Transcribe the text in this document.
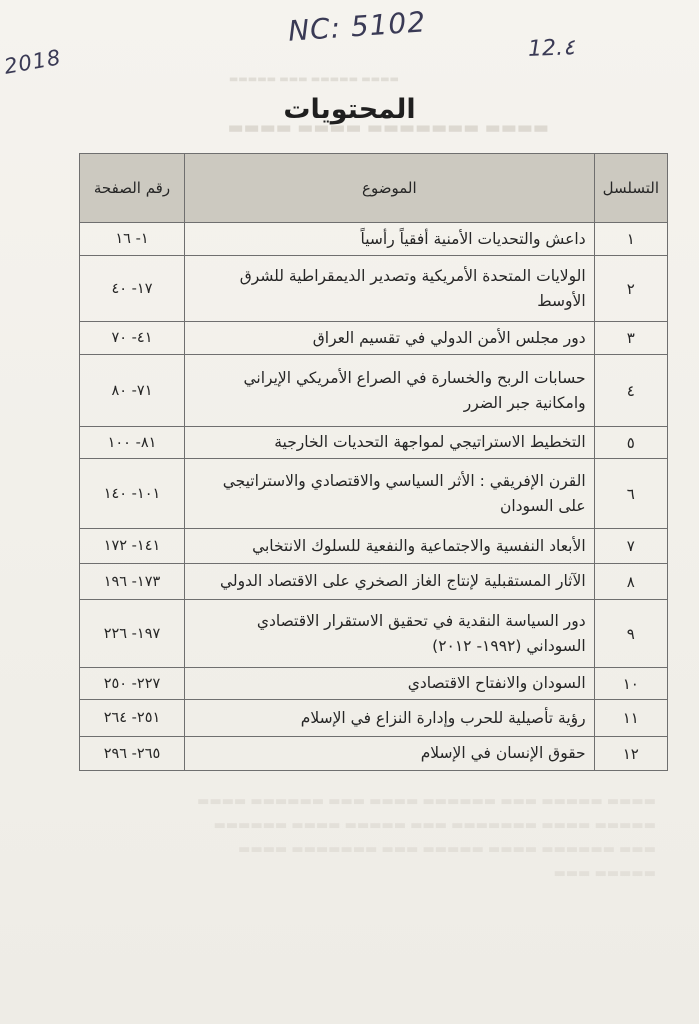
NC: 5102
2018	12.٤
▬▬▬▬ ▬▬▬▬▬ ▬▬▬ ▬▬▬▬▬
▬▬▬▬ ▬▬▬▬▬▬▬ ▬▬▬▬ ▬▬▬▬
▬▬▬▬ ▬▬▬▬▬ ▬▬▬ ▬▬▬▬▬▬ ▬▬▬▬ ▬▬▬ ▬▬▬▬▬▬ ▬▬▬▬
▬▬▬▬▬ ▬▬▬▬ ▬▬▬▬▬▬▬ ▬▬▬ ▬▬▬▬▬ ▬▬▬▬ ▬▬▬▬▬▬
▬▬▬ ▬▬▬▬▬▬ ▬▬▬▬ ▬▬▬▬▬ ▬▬▬ ▬▬▬▬▬▬▬ ▬▬▬▬
▬▬▬▬▬ ▬▬▬
المحتويات
التسلسل	الموضوع	رقم الصفحة
١	داعش والتحديات الأمنية أفقياً رأسياً	١- ١٦
٢	الولايات المتحدة الأمريكية وتصدير الديمقراطية للشرق الأوسط	١٧- ٤٠
٣	دور مجلس الأمن الدولي في تقسيم العراق	٤١- ٧٠
٤	حسابات الربح والخسارة في الصراع الأمريكي الإيراني وامكانية جبر الضرر	٧١- ٨٠
٥	التخطيط الاستراتيجي لمواجهة التحديات الخارجية	٨١- ١٠٠
٦	القرن الإفريقي : الأثر السياسي والاقتصادي والاستراتيجي على السودان	١٠١- ١٤٠
٧	الأبعاد النفسية والاجتماعية والنفعية للسلوك الانتخابي	١٤١- ١٧٢
٨	الآثار المستقبلية لإنتاج الغاز الصخري على الاقتصاد الدولي	١٧٣- ١٩٦
٩	دور السياسة النقدية في تحقيق الاستقرار الاقتصادي السوداني (١٩٩٢- ٢٠١٢)	١٩٧- ٢٢٦
١٠	السودان والانفتاح الاقتصادي	٢٢٧- ٢٥٠
١١	رؤية تأصيلية للحرب وإدارة النزاع في الإسلام	٢٥١- ٢٦٤
١٢	حقوق الإنسان في الإسلام	٢٦٥- ٢٩٦
